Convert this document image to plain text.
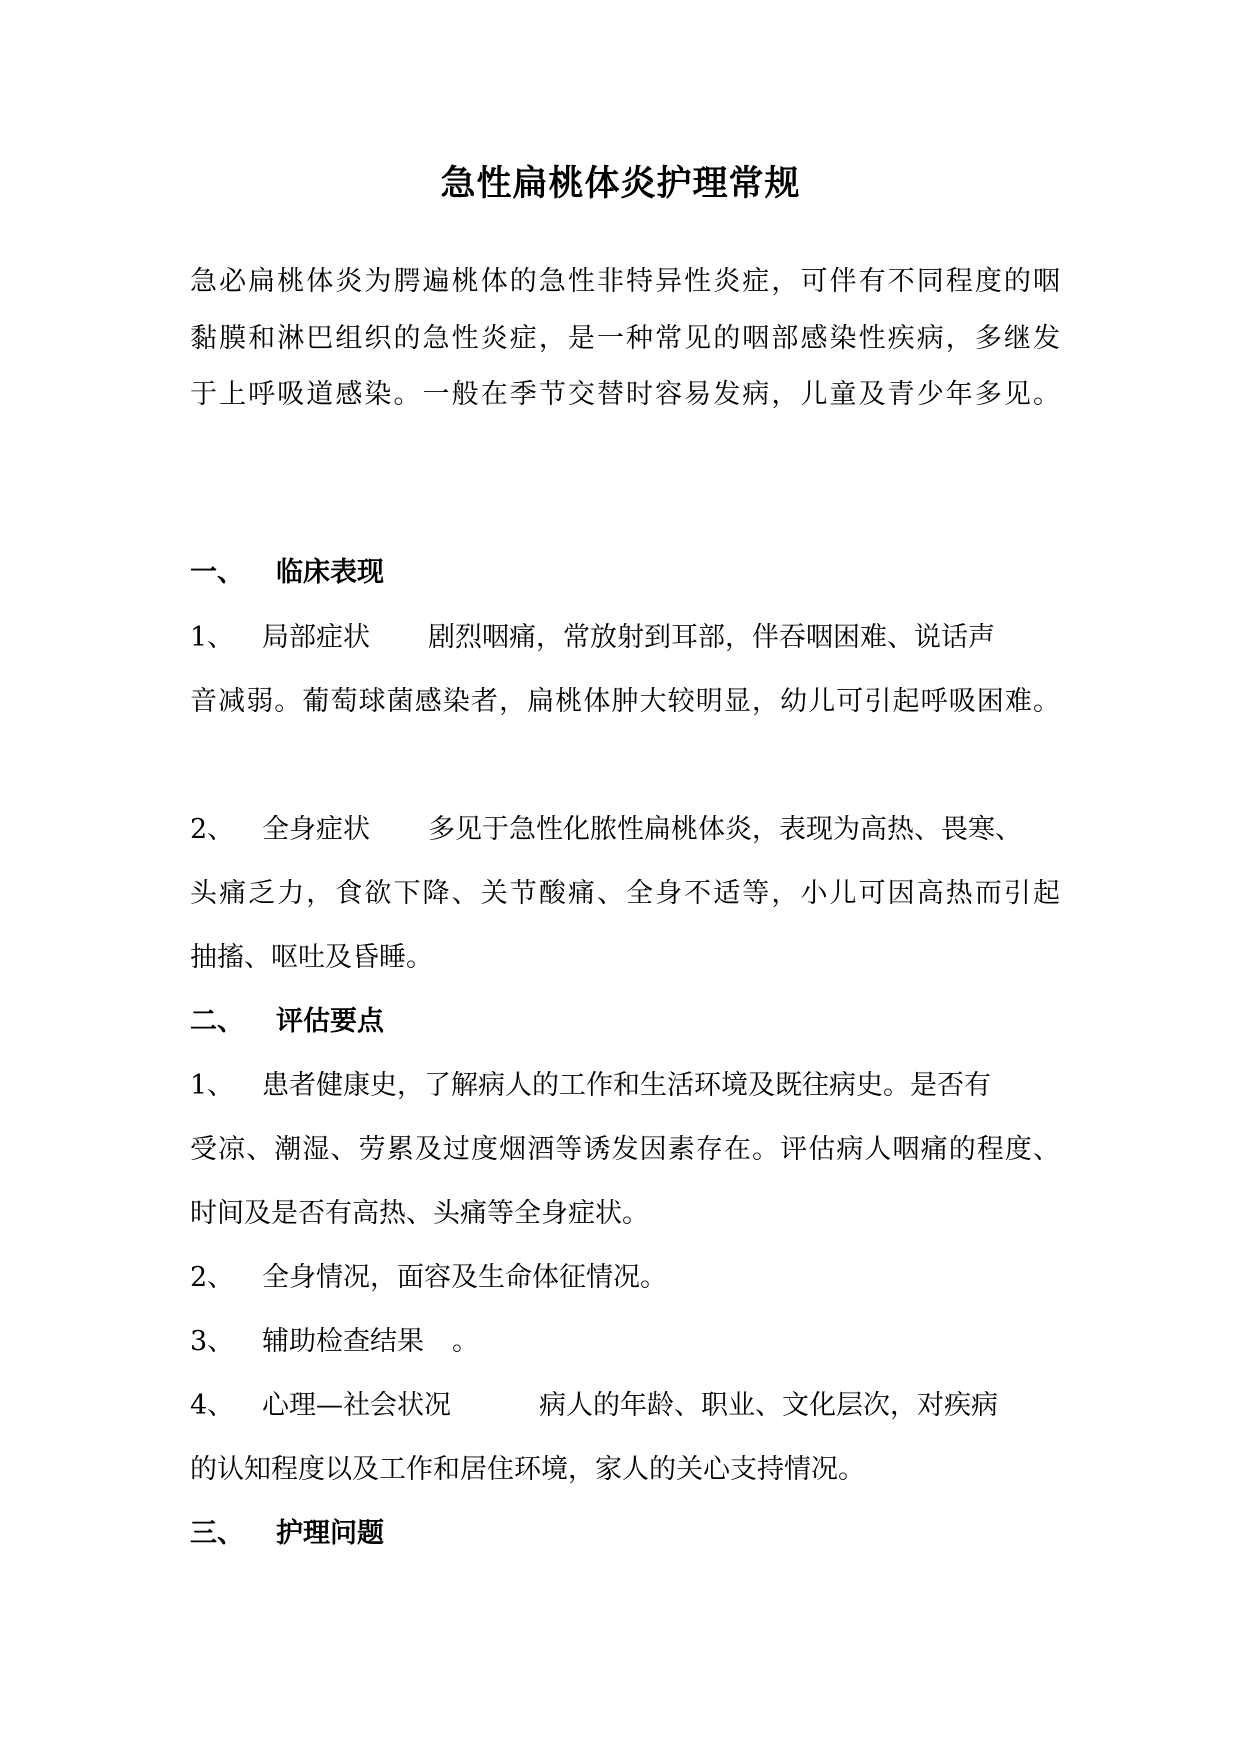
急性扁桃体炎护理常规
急必扁桃体炎为腭遍桃体的急性非特异性炎症，可伴有不同程度的咽
黏膜和淋巴组织的急性炎症，是一种常见的咽部感染性疾病，多继发
于上呼吸道感染。一般在季节交替时容易发病，儿童及青少年多见。
一、 临床表现
1、 局部症状 剧烈咽痛，常放射到耳部，伴吞咽困难、说话声
音减弱。葡萄球菌感染者，扁桃体肿大较明显，幼儿可引起呼吸困难。
2、 全身症状 多见于急性化脓性扁桃体炎，表现为高热、畏寒、
头痛乏力，食欲下降、关节酸痛、全身不适等，小儿可因高热而引起
抽搐、呕吐及昏睡。
二、 评估要点
1、 患者健康史，了解病人的工作和生活环境及既往病史。是否有
受凉、潮湿、劳累及过度烟酒等诱发因素存在。评估病人咽痛的程度、
时间及是否有高热、头痛等全身症状。
2、 全身情况，面容及生命体征情况。
3、 辅助检查结果 。
4、 心理—社会状况	病人的年龄、职业、文化层次，对疾病
的认知程度以及工作和居住环境，家人的关心支持情况。
三、 护理问题
